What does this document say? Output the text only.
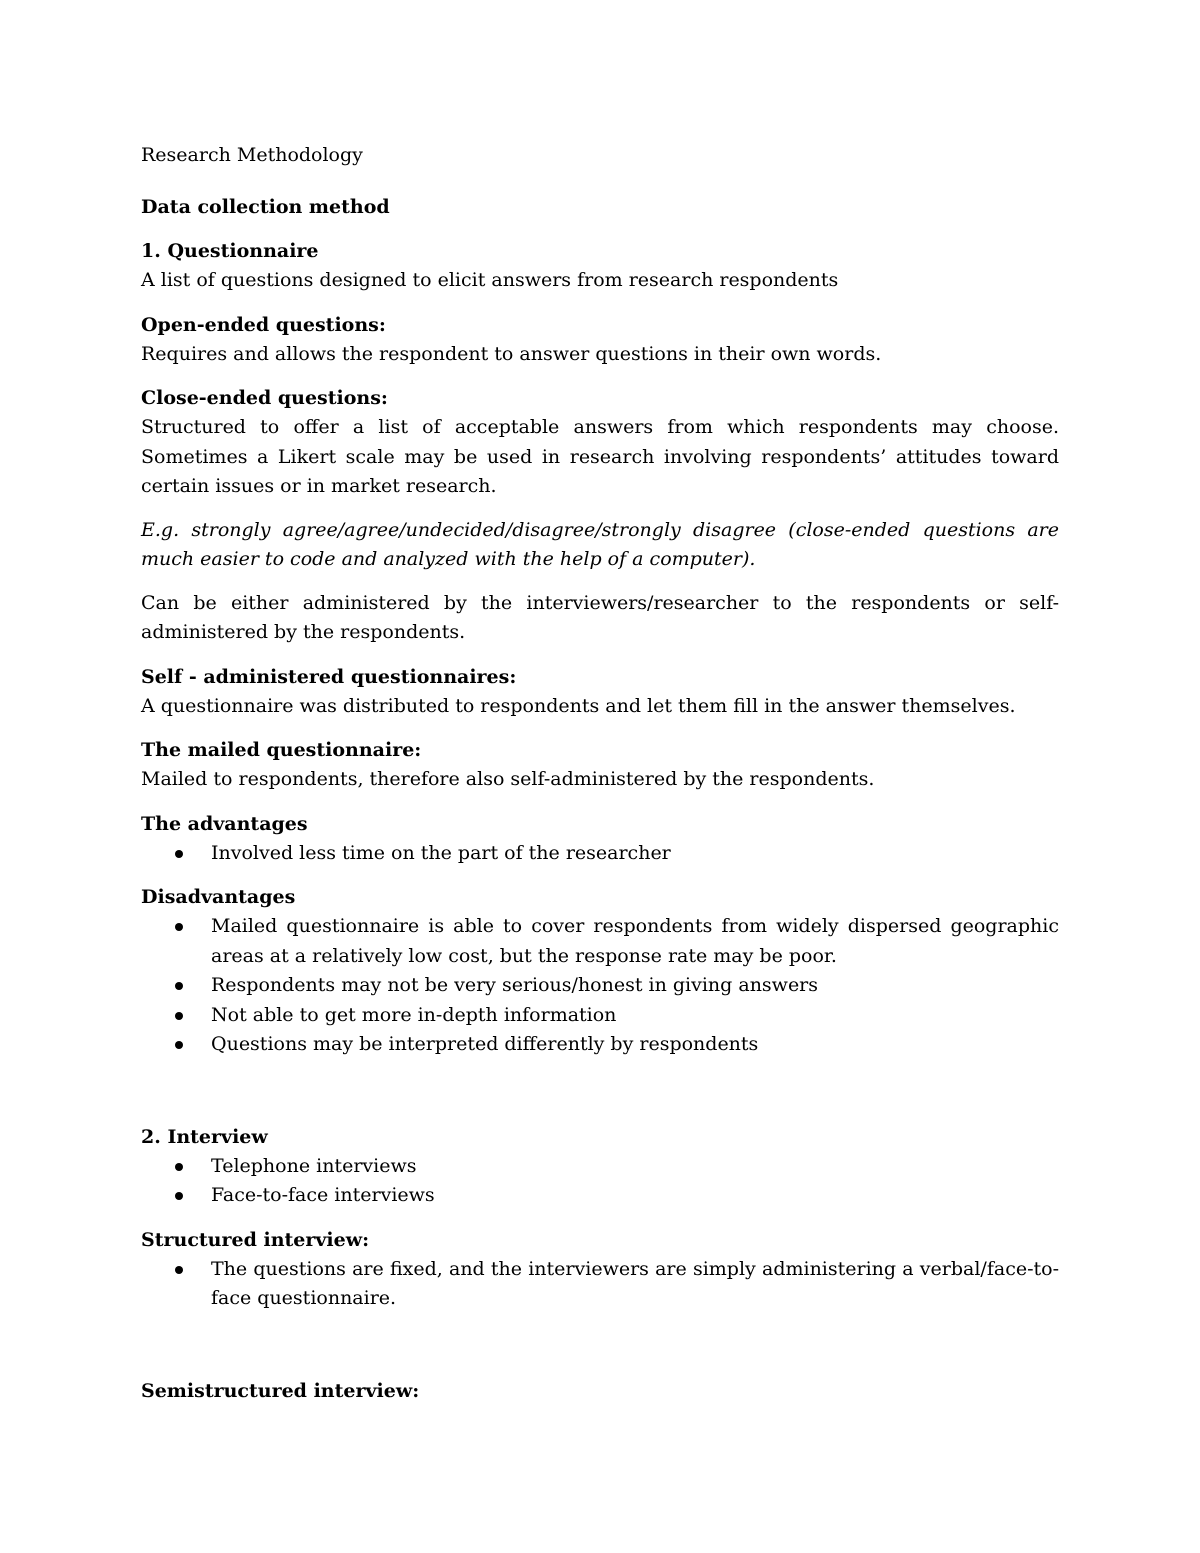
Research Methodology
Data collection method
1. Questionnaire
A list of questions designed to elicit answers from research respondents
Open-ended questions:
Requires and allows the respondent to answer questions in their own words.
Close-ended questions:
Structured to offer a list of acceptable answers from which respondents may choose. Sometimes a Likert scale may be used in research involving respondents’ attitudes toward certain issues or in market research.
E.g. strongly agree/agree/undecided/disagree/strongly disagree (close-ended questions are much easier to code and analyzed with the help of a computer).
Can be either administered by the interviewers/researcher to the respondents or self-administered by the respondents.
Self - administered questionnaires:
A questionnaire was distributed to respondents and let them fill in the answer themselves.
The mailed questionnaire:
Mailed to respondents, therefore also self-administered by the respondents.
The advantages
Involved less time on the part of the researcher
Disadvantages
Mailed questionnaire is able to cover respondents from widely dispersed geographic areas at a relatively low cost, but the response rate may be poor.
Respondents may not be very serious/honest in giving answers
Not able to get more in-depth information
Questions may be interpreted differently by respondents
2. Interview
Telephone interviews
Face-to-face interviews
Structured interview:
The questions are fixed, and the interviewers are simply administering a verbal/face-to-face questionnaire.
Semistructured interview:
